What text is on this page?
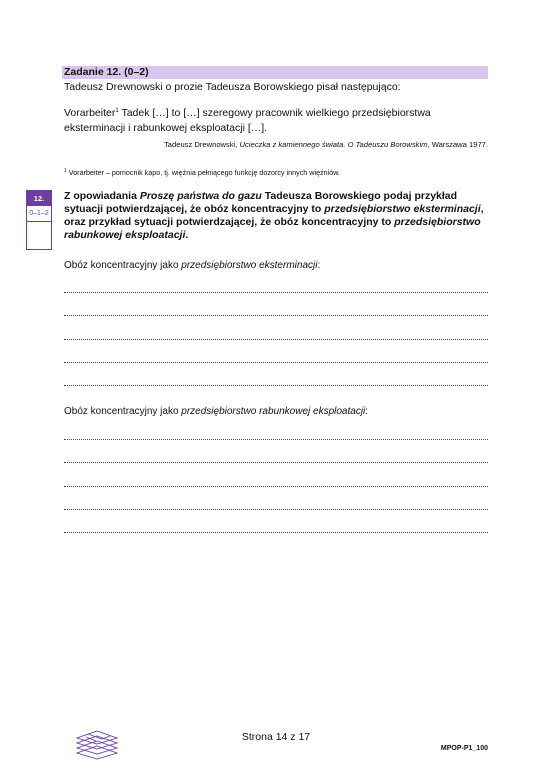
Zadanie 12. (0–2)
Tadeusz Drewnowski o prozie Tadeusza Borowskiego pisał następująco:
Vorarbeiter$^1$ Tadek […] to […] szeregowy pracownik wielkiego przedsiębiorstwa
eksterminacji i rabunkowej eksploatacji […].
Tadeusz Drewnowski, Ucieczka z kamiennego świata. O Tadeuszu Borowskim, Warszawa 1977.
$^1$ Vorarbeiter – pomocnik kapo, tj. więźnia pełniącego funkcję dozorcy innych więźniów.
12.
0–1–2
Z opowiadania Proszę państwa do gazu Tadeusza Borowskiego podaj przykład sytuacji potwierdzającej, że obóz koncentracyjny to przedsiębiorstwo eksterminacji, oraz przykład sytuacji potwierdzającej, że obóz koncentracyjny to przedsiębiorstwo rabunkowej eksploatacji.
Obóz koncentracyjny jako przedsiębiorstwo eksterminacji:
Obóz koncentracyjny jako przedsiębiorstwo rabunkowej eksploatacji:
Strona 14 z 17
MPOP-P1_100
